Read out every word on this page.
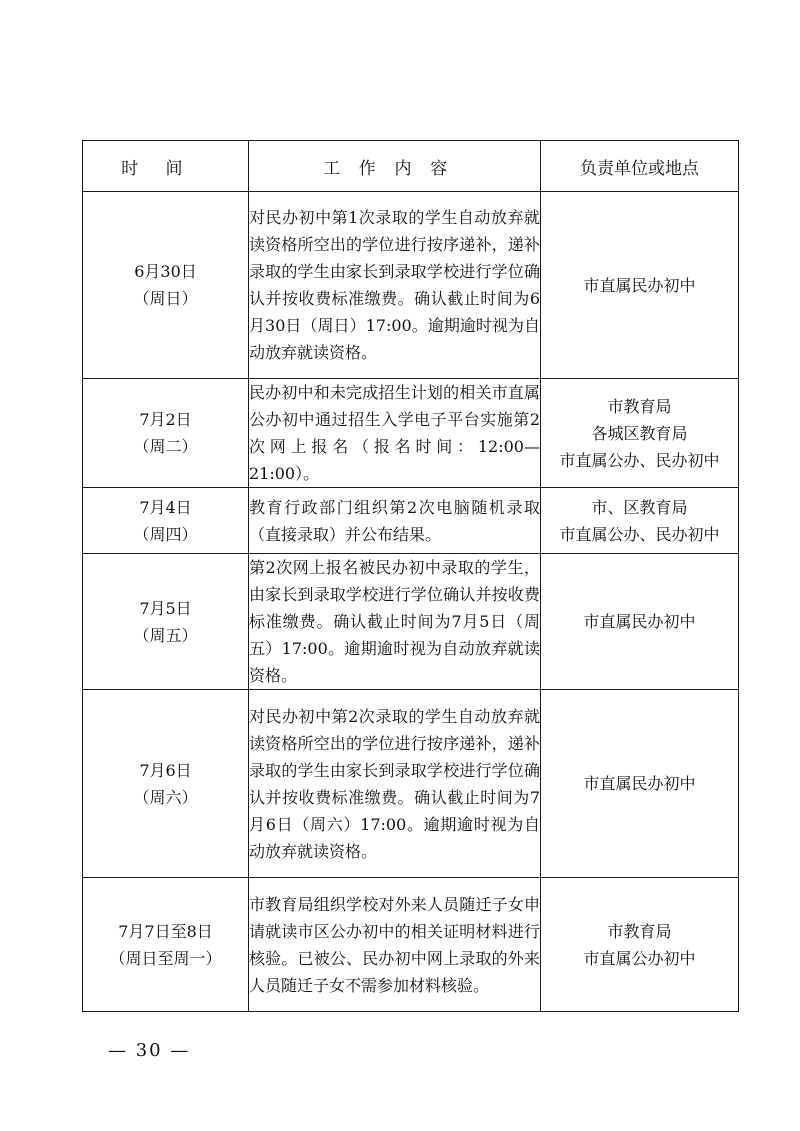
时间	工作内容	负责单位或地点

6月30日
（周日）	对民办初中第1次录取的学生自动放弃就读资格所空出的学位进行按序递补，递补录取的学生由家长到录取学校进行学位确认并按收费标准缴费。确认截止时间为6月30日（周日）17:00。逾期逾时视为自动放弃就读资格。	市直属民办初中

7月2日
（周二）	民办初中和未完成招生计划的相关市直属公办初中通过招生入学电子平台实施第2次网上报名（报名时间：12:00—21:00）。	市教育局
各城区教育局
市直属公办、民办初中

7月4日
（周四）	教育行政部门组织第2次电脑随机录取（直接录取）并公布结果。	市、区教育局
市直属公办、民办初中

7月5日
（周五）	第2次网上报名被民办初中录取的学生，由家长到录取学校进行学位确认并按收费标准缴费。确认截止时间为7月5日（周五）17:00。逾期逾时视为自动放弃就读资格。	市直属民办初中

7月6日
（周六）	对民办初中第2次录取的学生自动放弃就读资格所空出的学位进行按序递补，递补录取的学生由家长到录取学校进行学位确认并按收费标准缴费。确认截止时间为7月6日（周六）17:00。逾期逾时视为自动放弃就读资格。	市直属民办初中

7月7日至8日
（周日至周一）	市教育局组织学校对外来人员随迁子女申请就读市区公办初中的相关证明材料进行核验。已被公、民办初中网上录取的外来人员随迁子女不需参加材料核验。	市教育局
市直属公办初中
— 30 —
